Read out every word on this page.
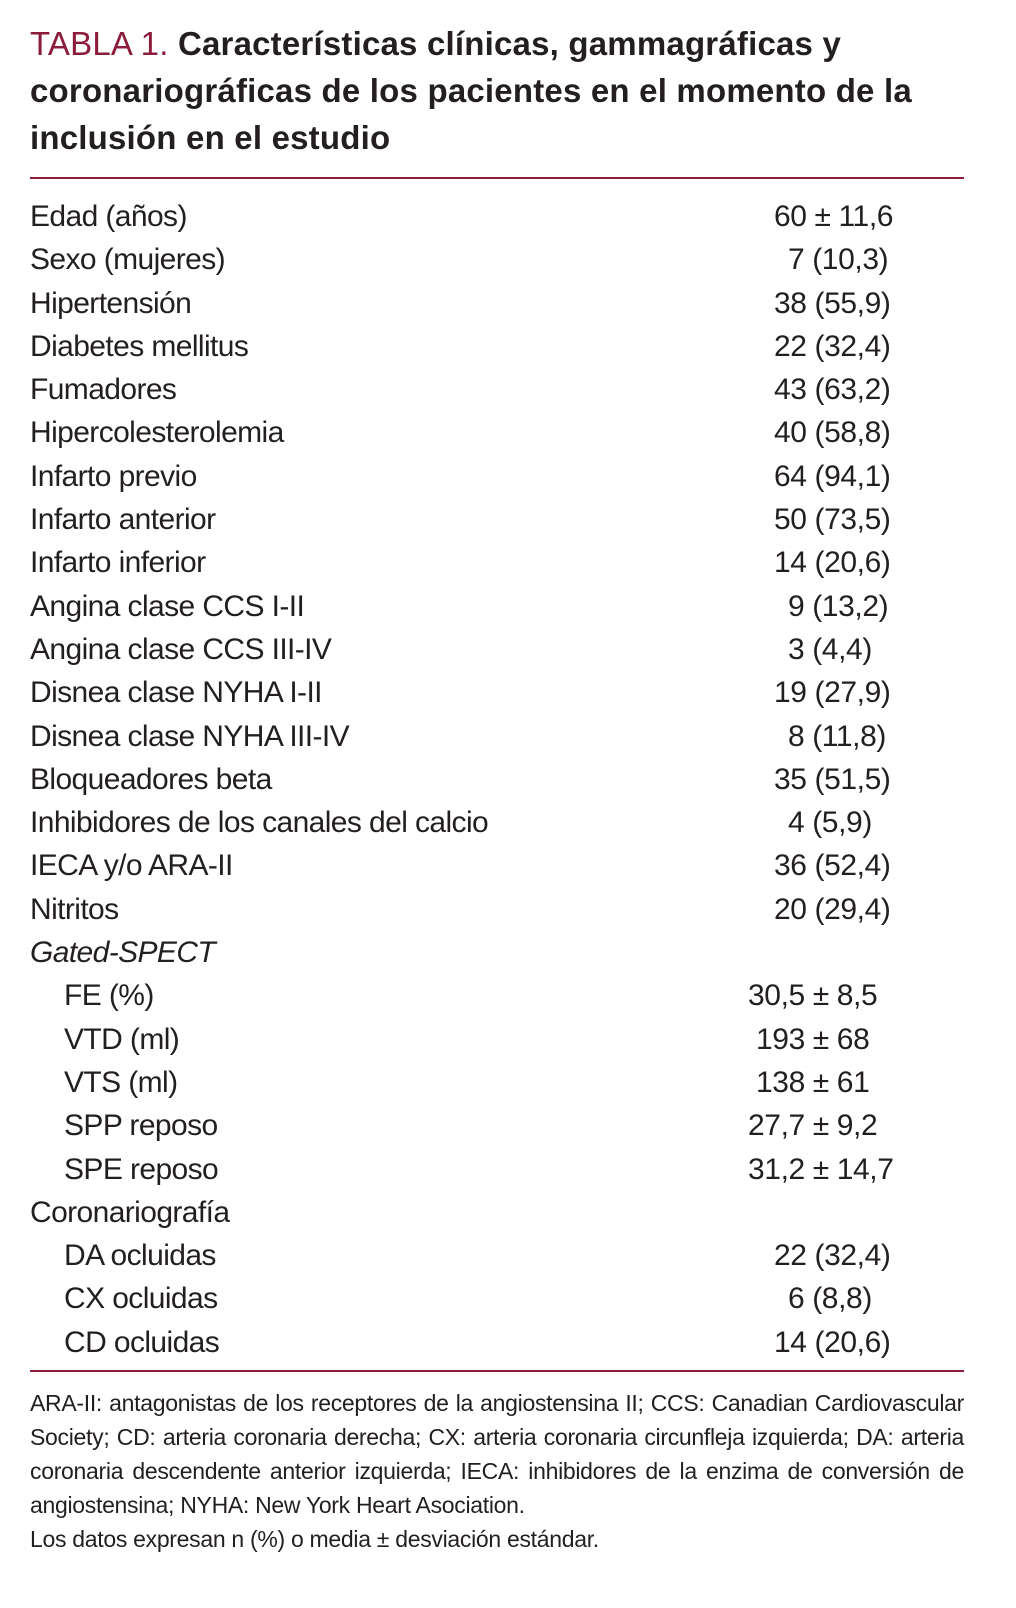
TABLA 1. Características clínicas, gammagráficas y coronariográficas de los pacientes en el momento de la inclusión en el estudio
Edad (años)	60 ± 11,6
Sexo (mujeres)	7 (10,3)
Hipertensión	38 (55,9)
Diabetes mellitus	22 (32,4)
Fumadores	43 (63,2)
Hipercolesterolemia	40 (58,8)
Infarto previo	64 (94,1)
Infarto anterior	50 (73,5)
Infarto inferior	14 (20,6)
Angina clase CCS I-II	9 (13,2)
Angina clase CCS III-IV	3 (4,4)
Disnea clase NYHA I-II	19 (27,9)
Disnea clase NYHA III-IV	8 (11,8)
Bloqueadores beta	35 (51,5)
Inhibidores de los canales del calcio	4 (5,9)
IECA y/o ARA-II	36 (52,4)
Nitritos	20 (29,4)
Gated-SPECT
FE (%)	30,5 ± 8,5
VTD (ml)	193 ± 68
VTS (ml)	138 ± 61
SPP reposo	27,7 ± 9,2
SPE reposo	31,2 ± 14,7
Coronariografía
DA ocluidas	22 (32,4)
CX ocluidas	6 (8,8)
CD ocluidas	14 (20,6)

ARA-II: antagonistas de los receptores de la angiostensina II; CCS: Canadian Cardiovascular Society; CD: arteria coronaria derecha; CX: arteria coronaria circunfleja izquierda; DA: arteria coronaria descendente anterior izquierda; IECA: inhibidores de la enzima de conversión de angiostensina; NYHA: New York Heart Asociation.

Los datos expresan n (%) o media ± desviación estándar.
